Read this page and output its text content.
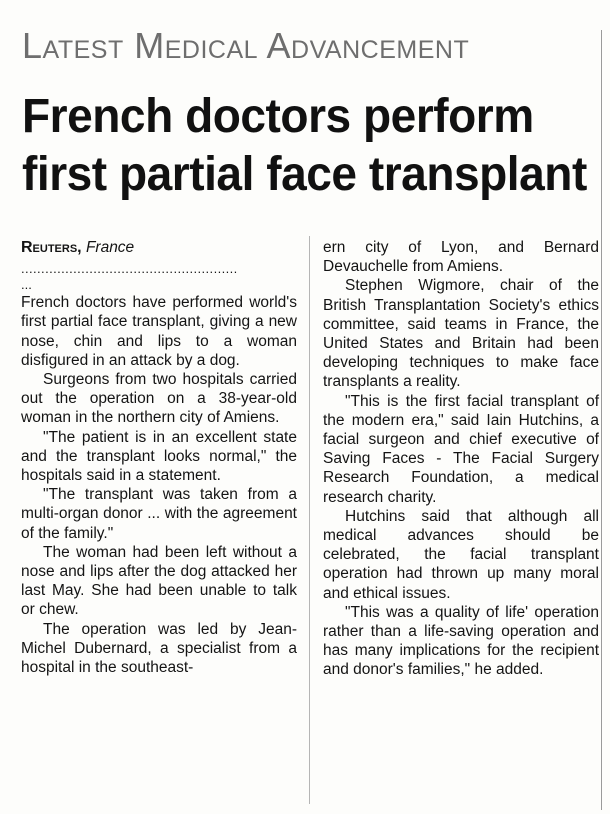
Latest Medical Advancement
French doctors perform
first partial face transplant

Reuters, France

......................................................

...

French doctors have performed world's first partial face transplant, giving a new nose, chin and lips to a woman disfigured in an attack by a dog.

Surgeons from two hospitals carried out the operation on a 38-year-old woman in the northern city of Amiens.

"The patient is in an excellent state and the transplant looks normal," the hospitals said in a statement.

"The transplant was taken from a multi-organ donor ... with the agreement of the family."

The woman had been left without a nose and lips after the dog attacked her last May. She had been unable to talk or chew.

The operation was led by Jean-Michel Dubernard, a specialist from a hospital in the southeast-

ern city of Lyon, and Bernard Devauchelle from Amiens.

Stephen Wigmore, chair of the British Transplantation Society's ethics committee, said teams in France, the United States and Britain had been developing techniques to make face transplants a reality.

"This is the first facial transplant of the modern era," said Iain Hutchins, a facial surgeon and chief executive of Saving Faces - The Facial Surgery Research Foundation, a medical research charity.

Hutchins said that although all medical advances should be celebrated, the facial transplant operation had thrown up many moral and ethical issues.

"This was a quality of life' operation rather than a life-saving operation and has many implications for the recipient and donor's families," he added.
